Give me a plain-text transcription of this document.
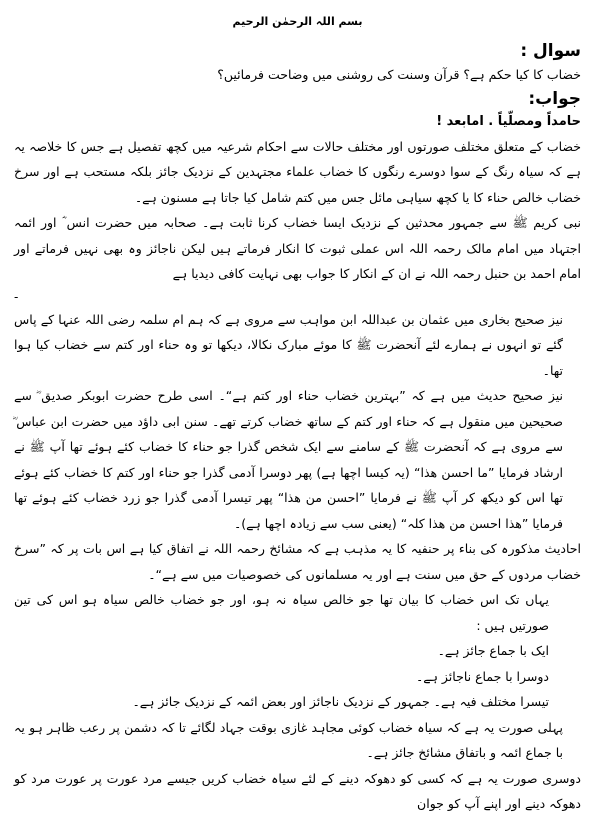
بسم اللہ الرحمٰن الرحیم
سوال :

خضاب کا کیا حکم ہے؟ قرآن وسنت کی روشنی میں وضاحت فرمائیں؟

جواب:
حامداً ومصلّیاً . امابعد !

خضاب کے متعلق مختلف صورتوں اور مختلف حالات سے احکام شرعیہ میں کچھ تفصیل ہے جس کا خلاصہ یہ ہے کہ سیاہ رنگ کے سوا دوسرے رنگوں کا خضاب علماء مجتہدین کے نزدیک جائز بلکہ مستحب ہے اور سرخ خضاب خالص حناء کا یا کچھ سیاہی مائل جس میں کتم شامل کیا جاتا ہے مسنون ہے۔

نبی کریم ﷺ سے جمہور محدثین کے نزدیک ایسا خضاب کرنا ثابت ہے۔ صحابہ میں حضرت انس ؓ اور ائمہ اجتہاد میں امام مالک رحمہ اللہ اس عملی ثبوت کا انکار فرماتے ہیں لیکن ناجائز وہ بھی نہیں فرماتے اور امام احمد بن حنبل رحمہ اللہ نے ان کے انکار کا جواب بھی نہایت کافی دیدیا ہے

-

نیز صحیح بخاری میں عثمان بن عبداللہ ابن مواہب سے مروی ہے کہ ہم ام سلمہ رضی اللہ عنہا کے پاس گئے تو انہوں نے ہمارے لئے آنحضرت ﷺ کا موئے مبارک نکالا، دیکھا تو وہ حناء اور کتم سے خضاب کیا ہوا تھا۔

نیز صحیح حدیث میں ہے کہ ”بہترین خضاب حناء اور کتم ہے“۔ اسی طرح حضرت ابوبکر صدیق ؓ سے صحیحین میں منقول ہے کہ حناء اور کتم کے ساتھ خضاب کرتے تھے۔ سنن ابی داؤد میں حضرت ابن عباس ؓ سے مروی ہے کہ آنحضرت ﷺ کے سامنے سے ایک شخص گذرا جو حناء کا خضاب کئے ہوئے تھا آپ ﷺ نے ارشاد فرمایا ”ما احسن ھذا“ (یہ کیسا اچھا ہے) پھر دوسرا آدمی گذرا جو حناء اور کتم کا خضاب کئے ہوئے تھا اس کو دیکھ کر آپ ﷺ نے فرمایا ”احسن من ھذا“ پھر تیسرا آدمی گذرا جو زرد خضاب کئے ہوئے تھا فرمایا ”ھذا احسن من ھذا کلہ“ (یعنی سب سے زیادہ اچھا ہے)۔

احادیث مذکورہ کی بناء پر حنفیہ کا یہ مذہب ہے کہ مشائخ رحمہ اللہ نے اتفاق کیا ہے اس بات پر کہ ”سرخ خضاب مردوں کے حق میں سنت ہے اور یہ مسلمانوں کی خصوصیات میں سے ہے“۔

یہاں تک اس خضاب کا بیان تھا جو خالص سیاہ نہ ہو، اور جو خضاب خالص سیاہ ہو اس کی تین صورتیں ہیں :

ایک با جماع جائز ہے۔

دوسرا با جماع ناجائز ہے۔

تیسرا مختلف فیہ ہے۔ جمہور کے نزدیک ناجائز اور بعض ائمہ کے نزدیک جائز ہے۔

پہلی صورت یہ ہے کہ سیاہ خضاب کوئی مجاہد غازی بوقت جہاد لگائے تا کہ دشمن پر رعب ظاہر ہو یہ با جماع ائمہ و باتفاق مشائخ جائز ہے۔

دوسری صورت یہ ہے کہ کسی کو دھوکہ دینے کے لئے سیاہ خضاب کریں جیسے مرد عورت پر عورت مرد کو دھوکہ دینے اور اپنے آپ کو جوان
